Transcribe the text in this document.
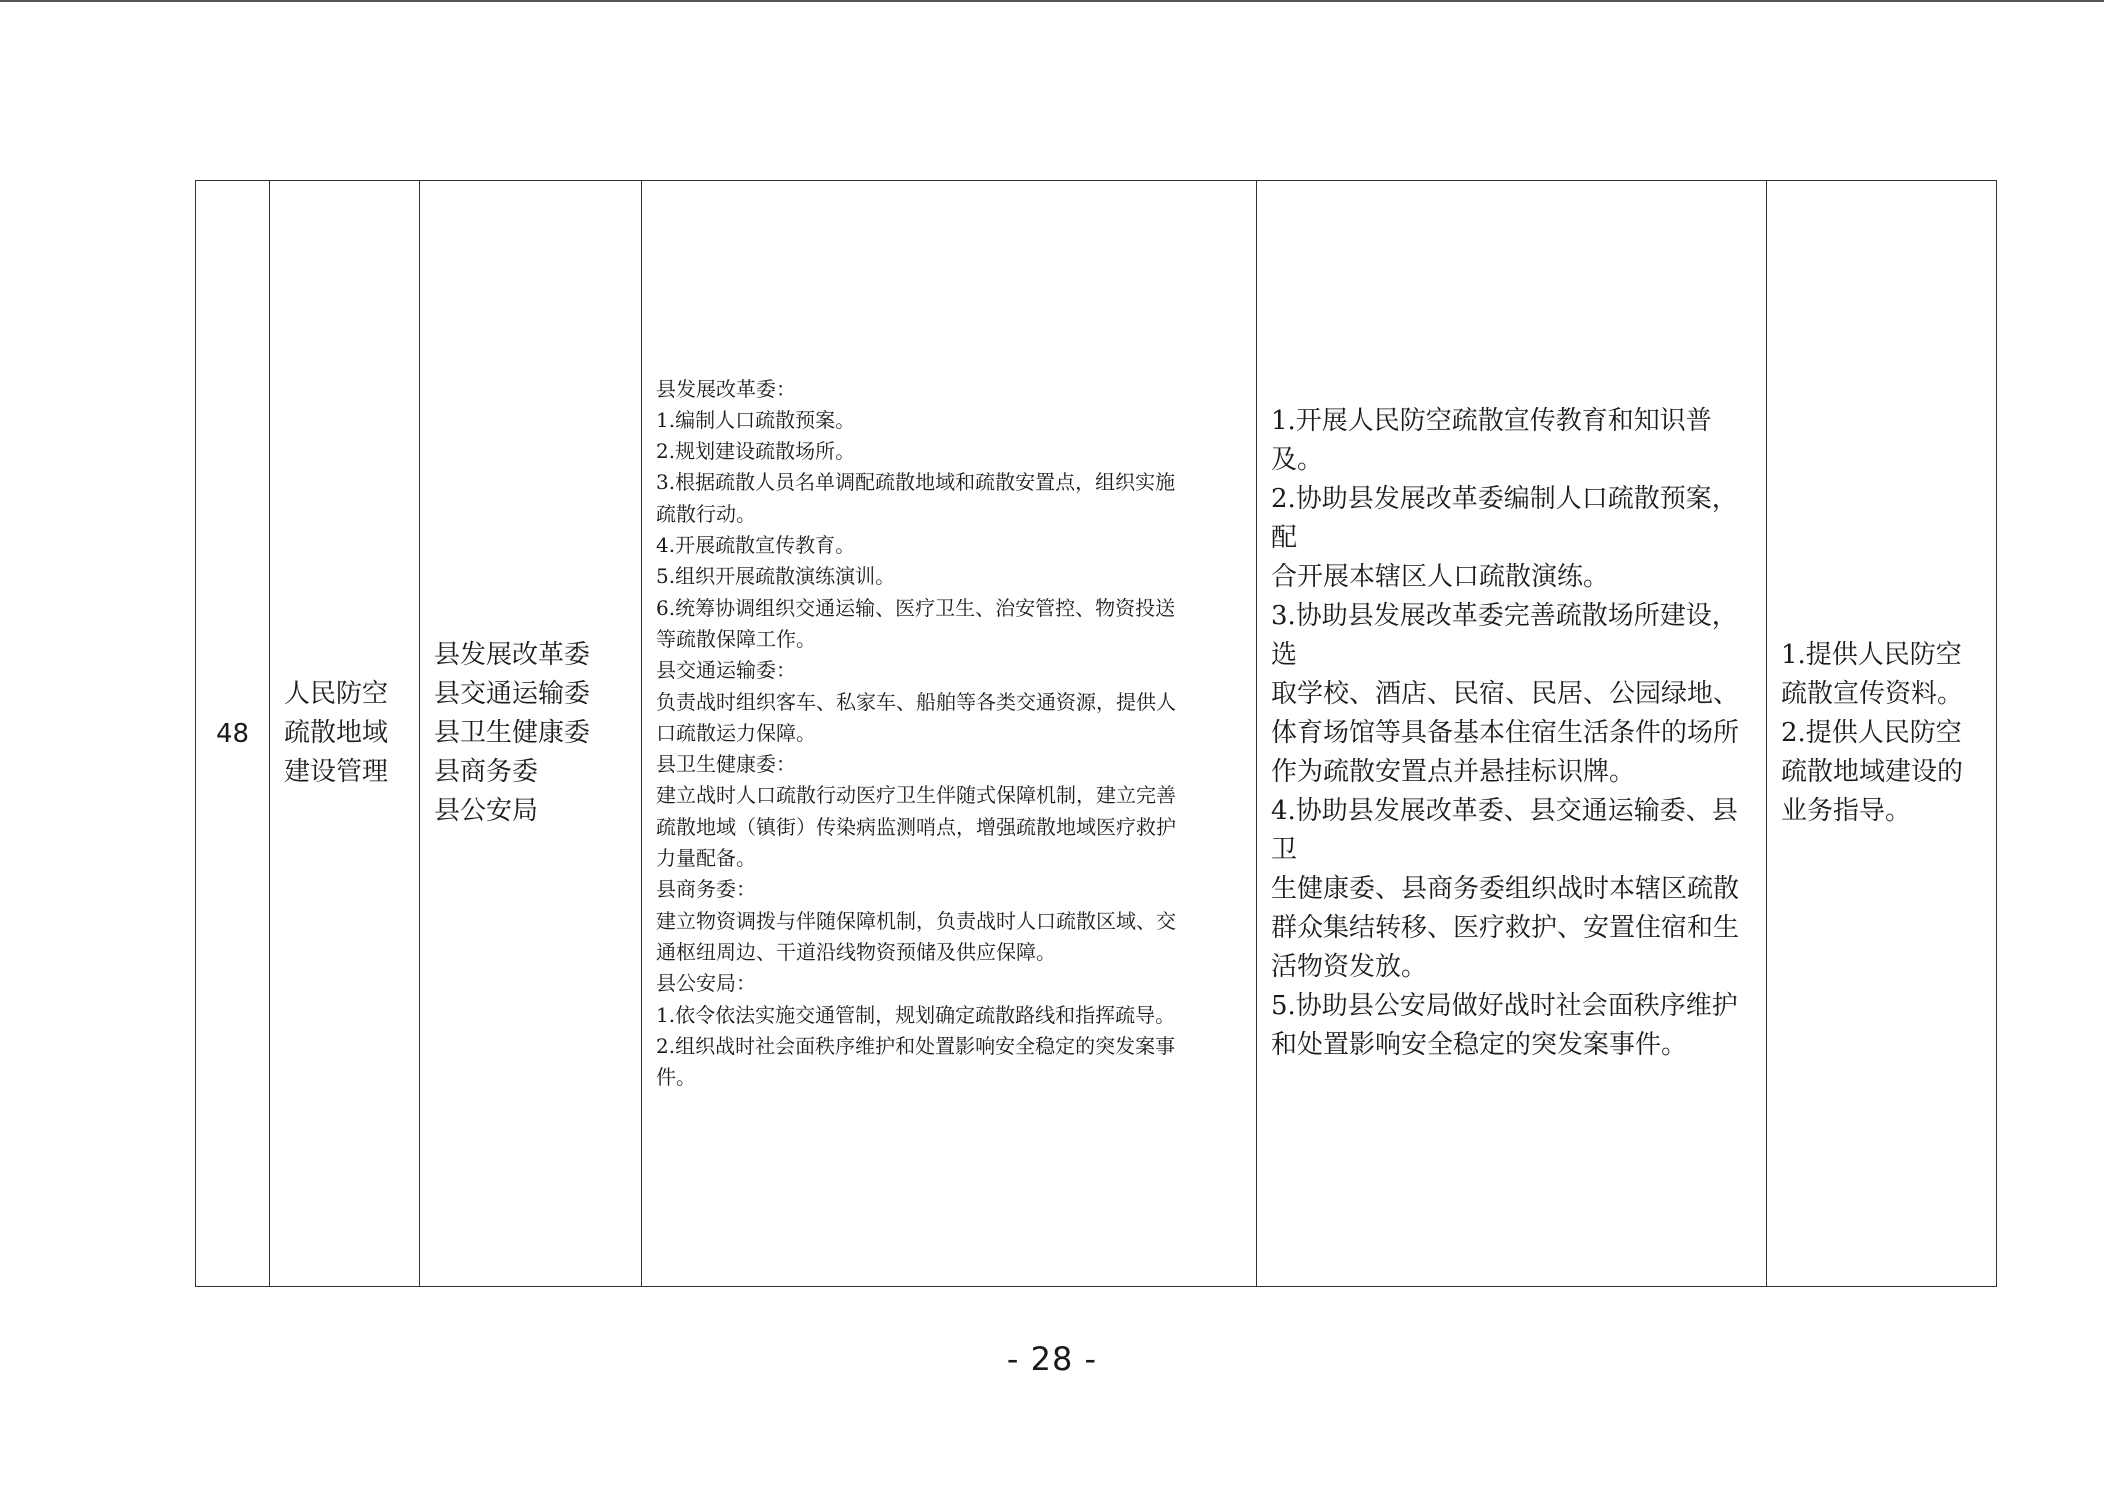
48	
人民防空
疏散地域
建设管理

县发展改革委
县交通运输委
县卫生健康委
县商务委
县公安局

县发展改革委：
1.编制人口疏散预案。
2.规划建设疏散场所。
3.根据疏散人员名单调配疏散地域和疏散安置点，组织实施
疏散行动。
4.开展疏散宣传教育。
5.组织开展疏散演练演训。
6.统筹协调组织交通运输、医疗卫生、治安管控、物资投送
等疏散保障工作。
县交通运输委：
负责战时组织客车、私家车、船舶等各类交通资源，提供人
口疏散运力保障。
县卫生健康委：
建立战时人口疏散行动医疗卫生伴随式保障机制，建立完善
疏散地域（镇街）传染病监测哨点，增强疏散地域医疗救护
力量配备。
县商务委：
建立物资调拨与伴随保障机制，负责战时人口疏散区域、交
通枢纽周边、干道沿线物资预储及供应保障。
县公安局：
1.依令依法实施交通管制，规划确定疏散路线和指挥疏导。
2.组织战时社会面秩序维护和处置影响安全稳定的突发案事
件。

1.开展人民防空疏散宣传教育和知识普及。
2.协助县发展改革委编制人口疏散预案，配
合开展本辖区人口疏散演练。
3.协助县发展改革委完善疏散场所建设，选
取学校、酒店、民宿、民居、公园绿地、
体育场馆等具备基本住宿生活条件的场所
作为疏散安置点并悬挂标识牌。
4.协助县发展改革委、县交通运输委、县卫
生健康委、县商务委组织战时本辖区疏散
群众集结转移、医疗救护、安置住宿和生
活物资发放。
5.协助县公安局做好战时社会面秩序维护
和处置影响安全稳定的突发案事件。

1.提供人民防空
疏散宣传资料。
2.提供人民防空
疏散地域建设的
业务指导。
- 28 -
